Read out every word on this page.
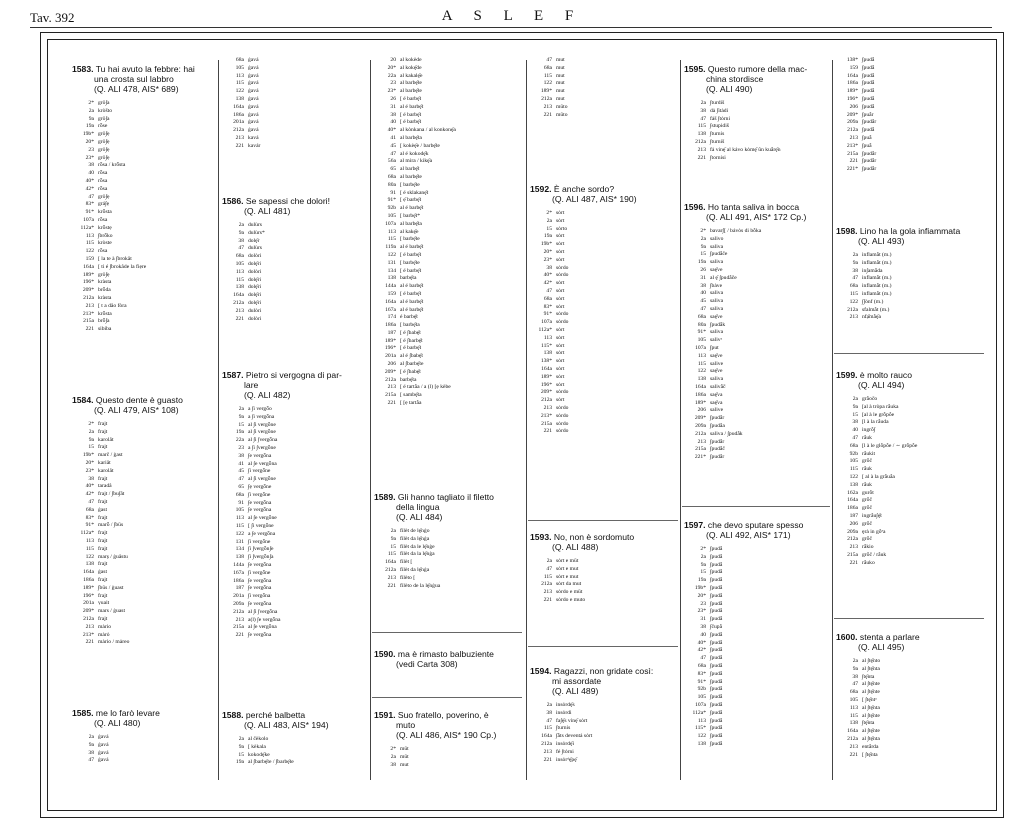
Tav. 392	A S L E F
1583. Tu hai avuto la febbre: hai
una crosta sul labbro
(Q. ALI 478, AIS* 689)
2* grö∫a
2a kròšto
9a grö∫a
19a rȫse
19b* grö∫ẹ
20* grö∫ẹ
23 grö∫ẹ
23* grö∫ẹ
38 rȫsa / krȫsta
40 rȫsa
40* rȫsa
42* rȫsa
47 grö∫ẹ
83* grá∫ẹ
91* krȫsta
107a rȫsa
112a* krȫstẹ
113 ∫brȫko
115 kròste
122 rȫsa
159 [ la te à ∫brokât
164a [ ti é ∫brokâde la fiẹre
189* grö∫ẹ
196* kràsta
209* brȫda
212a kràsta
213 [ t a dâo fòra
213* krȫsta
215a brȫ∫a
221 sibiba
1584. Questo dente è guasto
(Q. ALI 479, AIS* 108)
2* frajt
2a frajt
9a karolât
15 frajt
19b* marč / ġast
20* kariât
23* karolât
38 frajt
40* taradâ
42* frajt / ∫bu∫ât
47 frajt
68a ġast
83* frajt
91* marȫ / ∫būs
112a* frajt
113 frajt
115 frajt
122 marș / ġuâstu
138 frajt
164a ġast
186a frajt
189* ∫būs / ġuast
196* frajt
201a ṿuait
209* mars / ġuast
212a frajt
213 mȧrio
213* mȧrȯ
221 mȧrio / mȧreo
1585. me lo farò levare
(Q. ALI 480)
2a ġavá
9a ġavá
38 ġavá
47 ġavá
68a ġavá
105 ġavá
113 ġavá
115 ġavá
122 ġavá
138 ġavá
164a ġavá
186a ġavá
201a ġavá
212a ġavá
213 kavá
221 kavár
1586. Se sapessi che dolori!
(Q. ALI 481)
2a dulùrs
9a dulùrs*
38 dolȩ̄r
47 dulùrs
68a dolòri
105 dolȩ̄ri
113 dolòri
115 dolȩ̄ri
138 dolȩ̄ri
164a dolȩ̄ri
212a dolȩ̄ri
213 dulòri
221 dolòri
1587. Pietro si vergogna di par-
lare
(Q. ALI 482)
2a a ∫i vergȫo
9a a ∫i vergȫna
15 al ∫i vergȫne
19a al ∫i vergȫne
22a al ∫i ∫vergȫna
23 a ∫i ∫vergȫne
38 ∫e vergȫna
41 al ∫e vergȫna
45 ∫i vergȫne
47 al ∫i vergȫne
65 ∫ẹ vergȫne
68a ∫i vergȫne
91 ∫e vergȫna
105 ∫e vergȫna
113 al ∫e vergȫne
115 [ ∫i vergȫne
122 a ∫e vergȫna
131 ∫i vergȫne
134 ∫i ∫vergȫn∫e
138 ∫i ∫vergȫn∫a
144a ∫e vergȫna
167a ∫i vergȫne
186a ∫e vergȫna
187 ∫e vergȫna
201a ∫i vergȫna
209a ∫e vergȫna
212a al ∫i ∫vergȫna
213 a(l) ∫e vergȫna
215a al ∫e vergȫna
221 ∫e vergȫna
1588. perché balbetta
(Q. ALI 483, AIS* 194)
2a al čèkolo
9a [ kèkala
15 kokodȩ̄ke
19a al ∫barbȩ̄te / ∫barbȩ̄te
20 al kokède
20* al kokȩ̄de
22a al kakalȩ̄e
23 al barbȩ̄te
23* al barbȩ̄te
26 [ é barbȩ̄t
31 al é barbȩ̄t
38 [ é barbȩ̄t
40 [ é barbȩ̄t
40* al kònkana / al konkonȩ̄a
41 al barbȩ̄ta
45 [ kokèȩ̄e / barbȩ̄te
47 al é kokodȩ̄k
56a al mira / kikȩ̄a
65 al barbȩ̄t
68a al barbȩ̄te
80a [ barbȩ̄te
91 [ é sklakanȩ̄t
91* [ ẹ̄ barbȩ̄t
92b al é barbȩ̄t
105 [ barbȩ̄t*
107a al barbȩ̄ta
113 al kakȩ̄e
115 [ barbȩ̄te
119a al é barbȩ̄t
122 [ é barbȩ̄t
131 [ barbȩ̄te
134 [ é barbȩ̄t
138 barbȩ̄ta
144a al é barbȩ̄t
159 [ é barbȩ̄t
164a al é barbȩ̄t
167a al é barbȩ̄t
174 é barbȩ̄t
186a [ barbȩ̄ta
187 [ é ∫babȩ̄t
189* [ é ∫barbȩ̄t
196* [ é barbȩ̄t
201a al é ∫babȩ̄t
206 al ∫barbȩ̄te
209* [ é ∫babȩ̄t
212a barbȩ̄ta
213 [ é tartǡa / a (l) [ẹ kèbe
215a [ sambȩ̄ta
221 [ [ẹ tartǡa
1589. Gli hanno tagliato il filetto
della lingua
(Q. ALI 484)
2a filèt de lȩ̄nġo
9a filèt da lȩ̄nġa
15 filèt da le lȩ̄nġe
115 filèt da la lȩ̄nġa
164a filèt [
212a filèt da lȩ̄nġa
213 filèto [
221 filèto de la lȩ̄nġua
1590. ma è rimasto balbuziente
(vedi Carta 308)
1591. Suo fratello, poverino, è
muto
(Q. ALI 486, AIS* 190 Cp.)
2* mūt
2a mūt
38 mut
47 mut
68a mut
115 mut
122 mut
189* mut
212a mut
213 mūto
221 mūto
1592. È anche sordo?
(Q. ALI 487, AIS* 190)
2* sȯrt
2a sȯrt
15 sȯrto
19a sȯrt
19b* sȯrt
20* sȯrt
23* sȯrt
38 sȯrdo
40* sȯrdo
42* sȯrt
47 sȯrt
68a sȯrt
83* sȯrt
91* sȯrdo
107a sȯrdo
112a* sȯrt
113 sȯrt
115* sȯrt
138 sȯrt
138* sȯrt
164a sȯrt
189* sȯrt
196* sȯrt
209* sȯrdo
212a sȯrt
213 sȯrdo
213* sȯrdo
215a sȯrdo
221 sȯrdo
1593. No, non è sordomuto
(Q. ALI 488)
2a sȯrt e mūt
47 sȯrt e mut
115 sȯrt e mut
212a sȯrt da mut
213 sȯrdo e mūt
221 sȯrdo e muto
1594. Ragazzi, non gridate così:
mi assordate
(Q. ALI 489)
2a insȯrdȩ̄s
38 insȯrdi
47 fa∫ȩ̄s vinȩ̄ sȯrt
115 ∫turnis
164a ∫ǡts deventȧ sȯrt
212a insȯrdȩ̄i
213 fé ∫tȯrni
221 insȯrᵈȩ̄pȩ̄
1595. Questo rumore della mac-
china stordisce
(Q. ALI 490)
2a ∫turdiš
38 dȧ ∫itȧdi
47 fȧš ∫tȯrni
115 ∫stupidiš
138 ∫turnis
212a ∫turniš
213 fȧ vinȩ̄ al kȧvo kȯmȩ̄ ȗn kuǡrȩ̄n
221 ∫tornisi
1596. Ho tanta saliva in bocca
(Q. ALI 491, AIS* 172 Cp.)
2* bavar∫[ / bȧvȯs di bȱka
2a salivo
9a saliva
15 ∫pudǡče
19a saliva
26 saȩ̄ve
31 al ȩ̄ ∫pudǡče
38 ∫bȧve
40 saliva
45 saliva
47 saliva
68a saȩ̄ve
80a ∫pudǡk
91* saliva
105 salivᵃ
107a ∫put
113 saȩ̄ve
115 salive
122 saȩ̄ve
138 saliva
164a salivǡč
186a saȩ̄va
189* saȩ̄va
206 salive
209* ∫pudǡr
209a ∫pudǡa
212a saliva / ∫pudǡk
213 ∫pudǡr
215a ∫pudǡč
221* ∫pudǡr
1597. che devo sputare spesso
(Q. ALI 492, AIS* 171)
2* ∫pudǡ
2a ∫pudǡ
9a ∫pudǡ
15 ∫pudǡ
19a ∫pudǡ
19b* ∫pudǡ
20* ∫pudǡ
23 ∫pudǡ
23* ∫pudǡ
31 ∫pudǡ
38 ∫čupǡ
40 ∫pudǡ
40* ∫pudǡ
42* ∫pudǡ
47 ∫pudǡ
68a ∫pudǡ
83* ∫pudǡ
91* ∫pudǡ
92b ∫pudǡ
105 ∫pudǡ
107a ∫pudǡ
112a* ∫pudǡ
113 ∫pudǡ
115* ∫pudǡ
122 ∫pudǡ
138 ∫pudǡ
138* ∫pudǡ
159 ∫pudǡ
164a ∫pudǡ
186a ∫pudǡ
189* ∫pudǡ
196* ∫pudǡ
206 ∫pudǡ
209* ∫puǡr
209a ∫pudǡr
212a ∫pudǡ
213 ∫puǡ
213* ∫puǡ
215a ∫pudǡr
221 ∫pudǡr
221* ∫pudǡr
1598. Lino ha la gola infiammata
(Q. ALI 493)
2a inflamǡt (m.)
9a inflamǡt (m.)
38 in∫amǡda
47 inflamǡt (m.)
68a inflamǡt (m.)
115 inflamǡt (m.)
122 ∫∫ȯnf (m.)
212a sfalmǡt (m.)
213 nfạ̄mǡȩ̄a
1599. è molto rauco
(Q. ALI 494)
2a grǡočo
9a [al à tròpa rǡuka
15 [al à le grȱpȱe
38 [l à la rǡuda
40 ingrȱ∫
47 rǡuk
68a [l à le glȱpȱe / ∼ grȱpȱe
92b rǡukit
105 grȱč
115 rǡuk
122 [ al à la grǡuǡa
138 rǡuk
162a gurȱt
164a grȱč
186a grȱč
187 ingrǡu∫ȩ̄t
206 grȱč
209a ȩrȧ in gȱᵉa
212a grȱč
213 rǡkio
215a grȱč / rǡuk
221 rǡuko
1600. stenta a parlare
(Q. ALI 495)
2a al ∫tȩ̄nto
9a al ∫tȩ̄nta
38 ∫tȩ̄nta
47 al ∫tȩ̄nte
68a al ∫tȩ̄nte
105 [ ∫tȩ̄ntᵃ
113 al ∫tȩ̄nta
115 al ∫tȩ̄nte
138 ∫tȩ̄nta
164a al ∫tȩ̄nte
212a al ∫tȩ̄nta
213 entǡrda
221 [ ∫tȩ̄nta
